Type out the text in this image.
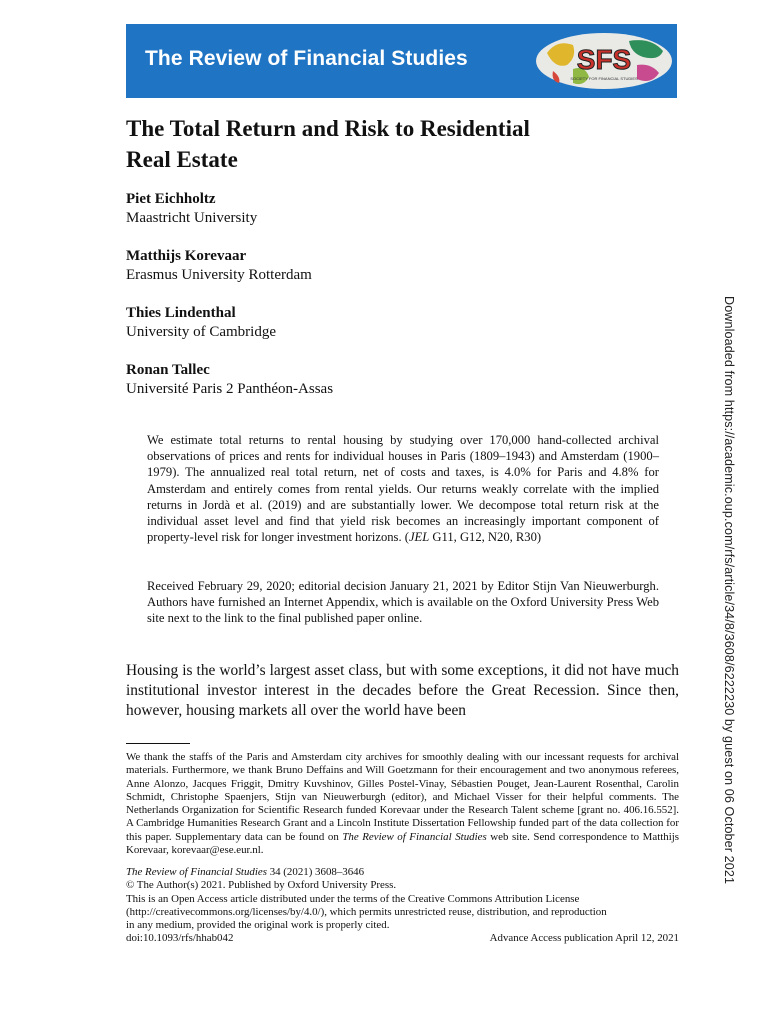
The Review of Financial Studies	SFS
SOCIETY FOR FINANCIAL STUDIES
The Total Return and Risk to Residential
Real Estate
Piet Eichholtz
Maastricht University
Matthijs Korevaar
Erasmus University Rotterdam
Thies Lindenthal
University of Cambridge
Ronan Tallec
Université Paris 2 Panthéon-Assas
We estimate total returns to rental housing by studying over 170,000 hand-collected archival observations of prices and rents for individual houses in Paris (1809–1943) and Amsterdam (1900–1979). The annualized real total return, net of costs and taxes, is 4.0% for Paris and 4.8% for Amsterdam and entirely comes from rental yields. Our returns weakly correlate with the implied returns in Jordà et al. (2019) and are substantially lower. We decompose total return risk at the individual asset level and find that yield risk becomes an increasingly important component of property-level risk for longer investment horizons. (JEL G11, G12, N20, R30)
Received February 29, 2020; editorial decision January 21, 2021 by Editor Stijn Van Nieuwerburgh. Authors have furnished an Internet Appendix, which is available on the Oxford University Press Web site next to the link to the final published paper online.
Housing is the world’s largest asset class, but with some exceptions, it did not have much institutional investor interest in the decades before the Great Recession. Since then, however, housing markets all over the world have been
We thank the staffs of the Paris and Amsterdam city archives for smoothly dealing with our incessant requests for archival materials. Furthermore, we thank Bruno Deffains and Will Goetzmann for their encouragement and two anonymous referees, Anne Alonzo, Jacques Friggit, Dmitry Kuvshinov, Gilles Postel-Vinay, Sébastien Pouget, Jean-Laurent Rosenthal, Carolin Schmidt, Christophe Spaenjers, Stijn van Nieuwerburgh (editor), and Michael Visser for their helpful comments. The Netherlands Organization for Scientific Research funded Korevaar under the Research Talent scheme [grant no. 406.16.552]. A Cambridge Humanities Research Grant and a Lincoln Institute Dissertation Fellowship funded part of the data collection for this paper. Supplementary data can be found on The Review of Financial Studies web site. Send correspondence to Matthijs Korevaar, korevaar@ese.eur.nl.
The Review of Financial Studies 34 (2021) 3608–3646
© The Author(s) 2021. Published by Oxford University Press.
This is an Open Access article distributed under the terms of the Creative Commons Attribution License
(http://creativecommons.org/licenses/by/4.0/), which permits unrestricted reuse, distribution, and reproduction
in any medium, provided the original work is properly cited.
doi:10.1093/rfs/hhab042	Advance Access publication April 12, 2021
Downloaded from https://academic.oup.com/rfs/article/34/8/3608/6222230 by guest on 06 October 2021
